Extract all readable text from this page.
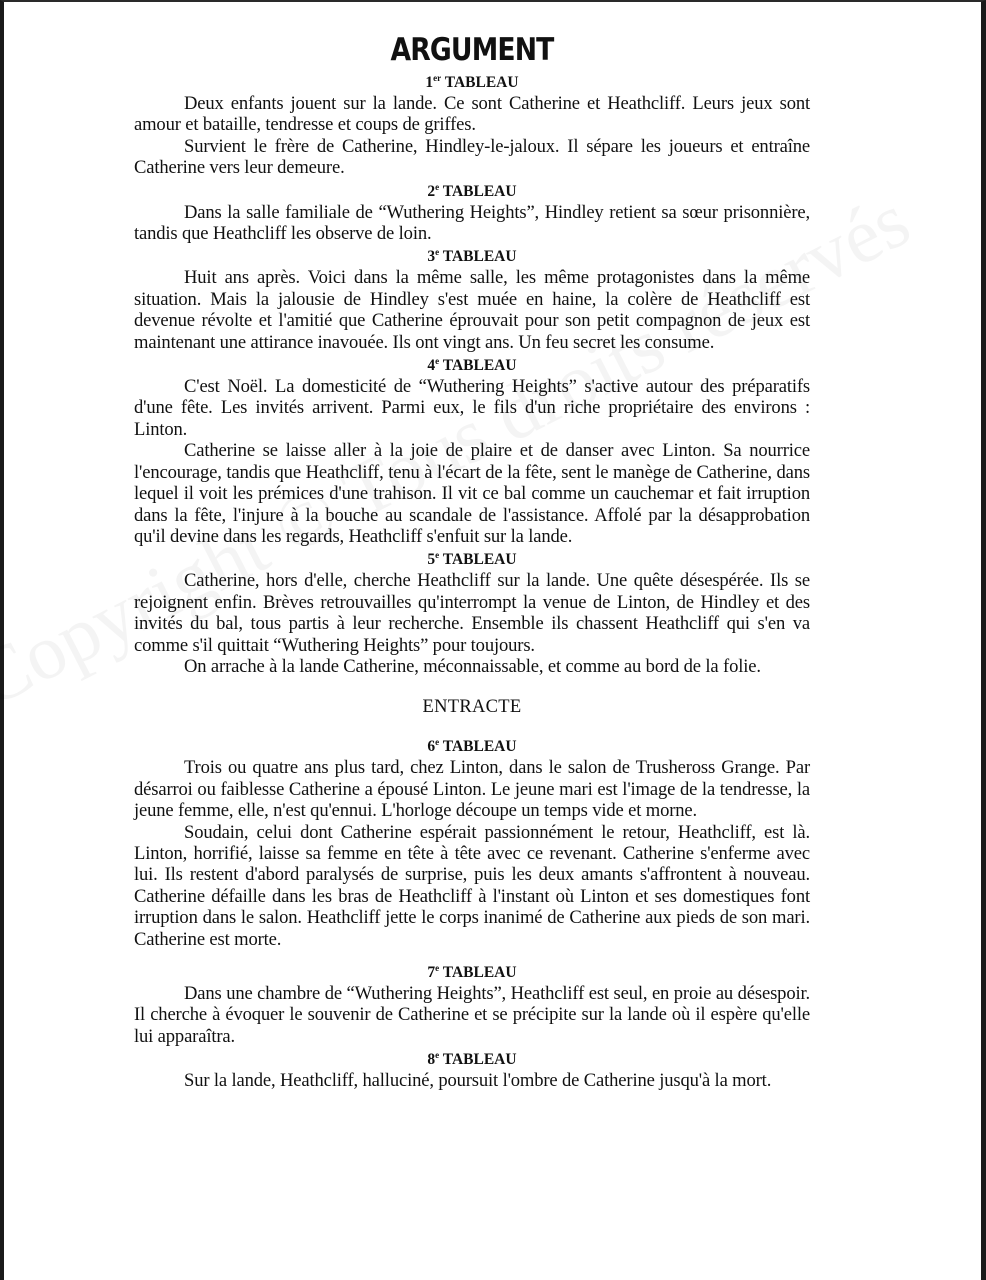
ARGUMENT
1er TABLEAU

Deux enfants jouent sur la lande. Ce sont Catherine et Heathcliff. Leurs jeux sont amour et bataille, tendresse et coups de griffes.

Survient le frère de Catherine, Hindley-le-jaloux. Il sépare les joueurs et entraîne Catherine vers leur demeure.

2e TABLEAU

Dans la salle familiale de “Wuthering Heights”, Hindley retient sa sœur prisonnière, tandis que Heathcliff les observe de loin.

3e TABLEAU

Huit ans après. Voici dans la même salle, les même protagonistes dans la même situation. Mais la jalousie de Hindley s'est muée en haine, la colère de Heathcliff est devenue révolte et l'amitié que Catherine éprouvait pour son petit compagnon de jeux est maintenant une attirance inavouée. Ils ont vingt ans. Un feu secret les consume.

4e TABLEAU

C'est Noël. La domesticité de “Wuthering Heights” s'active autour des préparatifs d'une fête. Les invités arrivent. Parmi eux, le fils d'un riche propriétaire des environs : Linton.

Catherine se laisse aller à la joie de plaire et de danser avec Linton. Sa nourrice l'encourage, tandis que Heathcliff, tenu à l'écart de la fête, sent le manège de Catherine, dans lequel il voit les prémices d'une trahison. Il vit ce bal comme un cauchemar et fait irruption dans la fête, l'injure à la bouche au scandale de l'assistance. Affolé par la désapprobation qu'il devine dans les regards, Heathcliff s'enfuit sur la lande.

5e TABLEAU

Catherine, hors d'elle, cherche Heathcliff sur la lande. Une quête désespérée. Ils se rejoignent enfin. Brèves retrouvailles qu'interrompt la venue de Linton, de Hindley et des invités du bal, tous partis à leur recherche. Ensemble ils chassent Heathcliff qui s'en va comme s'il quittait “Wuthering Heights” pour toujours.

On arrache à la lande Catherine, méconnaissable, et comme au bord de la folie.

ENTRACTE
6e TABLEAU

Trois ou quatre ans plus tard, chez Linton, dans le salon de Trusheross Grange. Par désarroi ou faiblesse Catherine a épousé Linton. Le jeune mari est l'image de la tendresse, la jeune femme, elle, n'est qu'ennui. L'horloge découpe un temps vide et morne.

Soudain, celui dont Catherine espérait passionnément le retour, Heathcliff, est là. Linton, horrifié, laisse sa femme en tête à tête avec ce revenant. Catherine s'enferme avec lui. Ils restent d'abord paralysés de surprise, puis les deux amants s'affrontent à nouveau. Catherine défaille dans les bras de Heathcliff à l'instant où Linton et ses domestiques font irruption dans le salon. Heathcliff jette le corps inanimé de Catherine aux pieds de son mari. Catherine est morte.

7e TABLEAU

Dans une chambre de “Wuthering Heights”, Heathcliff est seul, en proie au désespoir. Il cherche à évoquer le souvenir de Catherine et se précipite sur la lande où il espère qu'elle lui apparaîtra.

8e TABLEAU

Sur la lande, Heathcliff, halluciné, poursuit l'ombre de Catherine jusqu'à la mort.
